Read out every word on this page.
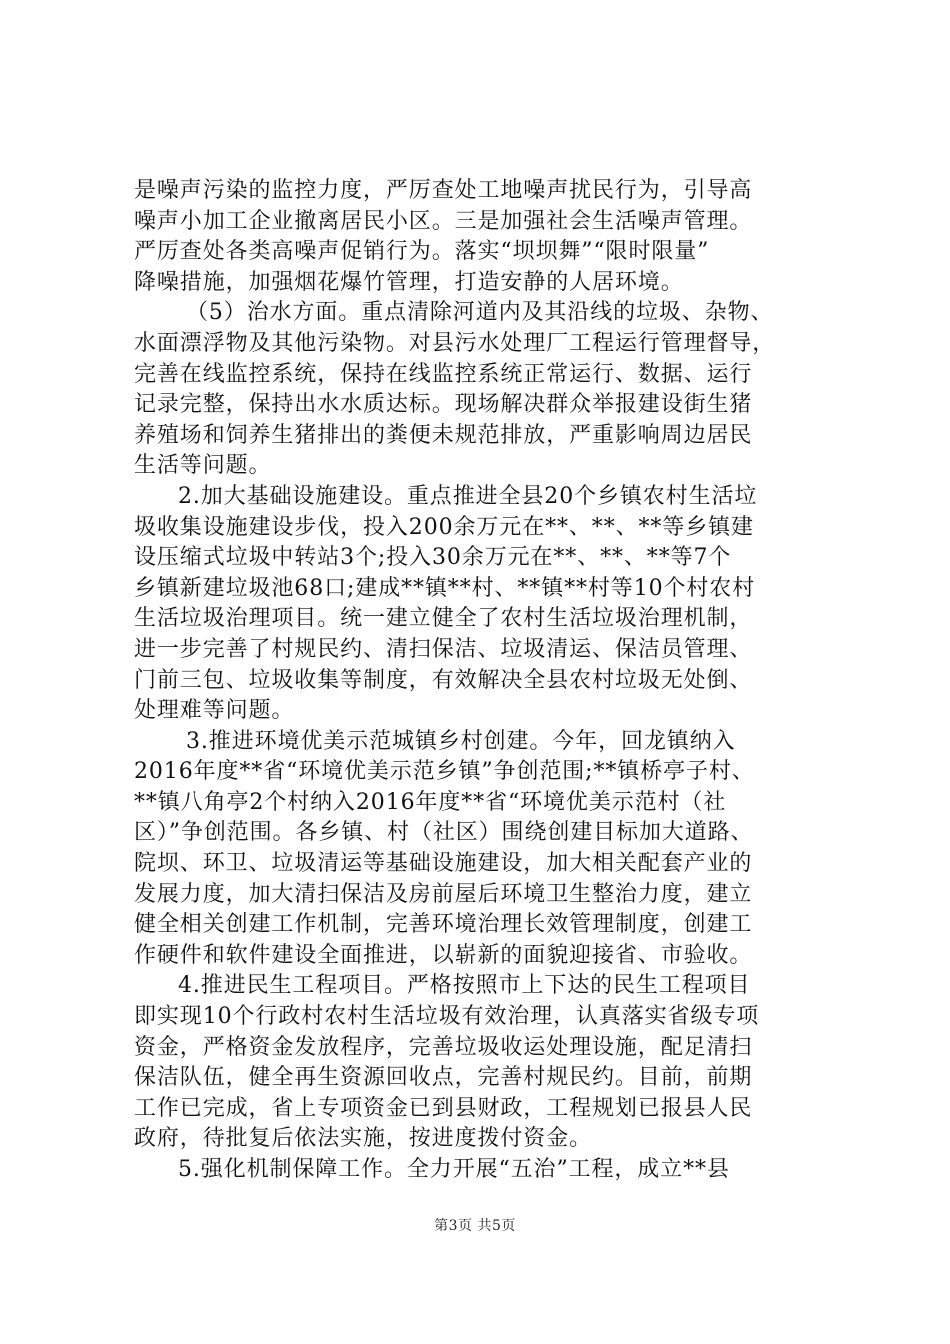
是噪声污染的监控力度，严厉查处工地噪声扰民行为，引导高
噪声小加工企业撤离居民小区。三是加强社会生活噪声管理。
严厉查处各类高噪声促销行为。落实“坝坝舞”“限时限量”
降噪措施，加强烟花爆竹管理，打造安静的人居环境。
（5）治水方面。重点清除河道内及其沿线的垃圾、杂物、
水面漂浮物及其他污染物。对县污水处理厂工程运行管理督导，
完善在线监控系统，保持在线监控系统正常运行、数据、运行
记录完整，保持出水水质达标。现场解决群众举报建设街生猪
养殖场和饲养生猪排出的粪便未规范排放，严重影响周边居民
生活等问题。
2.加大基础设施建设。重点推进全县20个乡镇农村生活垃
圾收集设施建设步伐，投入200余万元在**、**、**等乡镇建
设压缩式垃圾中转站3个;投入30余万元在**、**、**等7个
乡镇新建垃圾池68口;建成**镇**村、**镇**村等10个村农村
生活垃圾治理项目。统一建立健全了农村生活垃圾治理机制，
进一步完善了村规民约、清扫保洁、垃圾清运、保洁员管理、
门前三包、垃圾收集等制度，有效解决全县农村垃圾无处倒、
处理难等问题。
3.推进环境优美示范城镇乡村创建。今年，回龙镇纳入
2016年度**省“环境优美示范乡镇”争创范围;**镇桥亭子村、
**镇八角亭2个村纳入2016年度**省“环境优美示范村（社
区）”争创范围。各乡镇、村（社区）围绕创建目标加大道路、
院坝、环卫、垃圾清运等基础设施建设，加大相关配套产业的
发展力度，加大清扫保洁及房前屋后环境卫生整治力度，建立
健全相关创建工作机制，完善环境治理长效管理制度，创建工
作硬件和软件建设全面推进，以崭新的面貌迎接省、市验收。
4.推进民生工程项目。严格按照市上下达的民生工程项目
即实现10个行政村农村生活垃圾有效治理，认真落实省级专项
资金，严格资金发放程序，完善垃圾收运处理设施，配足清扫
保洁队伍，健全再生资源回收点，完善村规民约。目前，前期
工作已完成，省上专项资金已到县财政，工程规划已报县人民
政府，待批复后依法实施，按进度拨付资金。
5.强化机制保障工作。全力开展“五治”工程，成立**县
第3页 共5页
